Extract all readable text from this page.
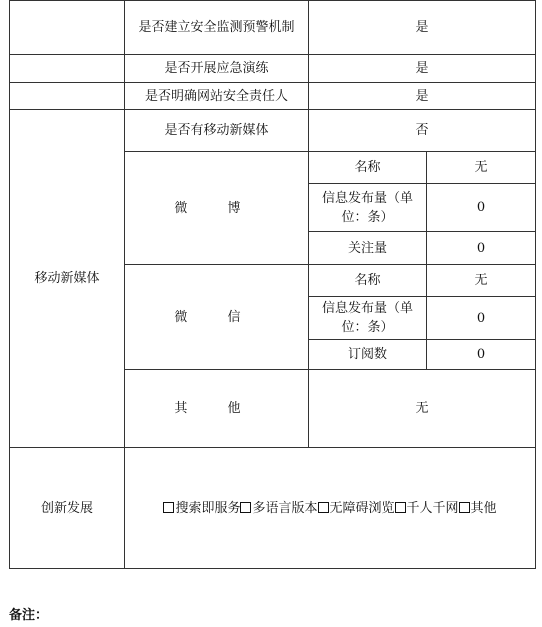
	是否建立安全监测预警机制	是	
	是否开展应急演练	是	
	是否明确网站安全责任人	是	
移动新媒体	是否有移动新媒体	否	
	微 博	名称	无
		信息发布量（单位：条）	0
		关注量	0
	微 信	名称	无
		信息发布量（单位：条）	0
		订阅数	0
	其 他	无	
创新发展	搜索即服务 多语言版本 无障碍浏览 千人千网 其他		
备注：
